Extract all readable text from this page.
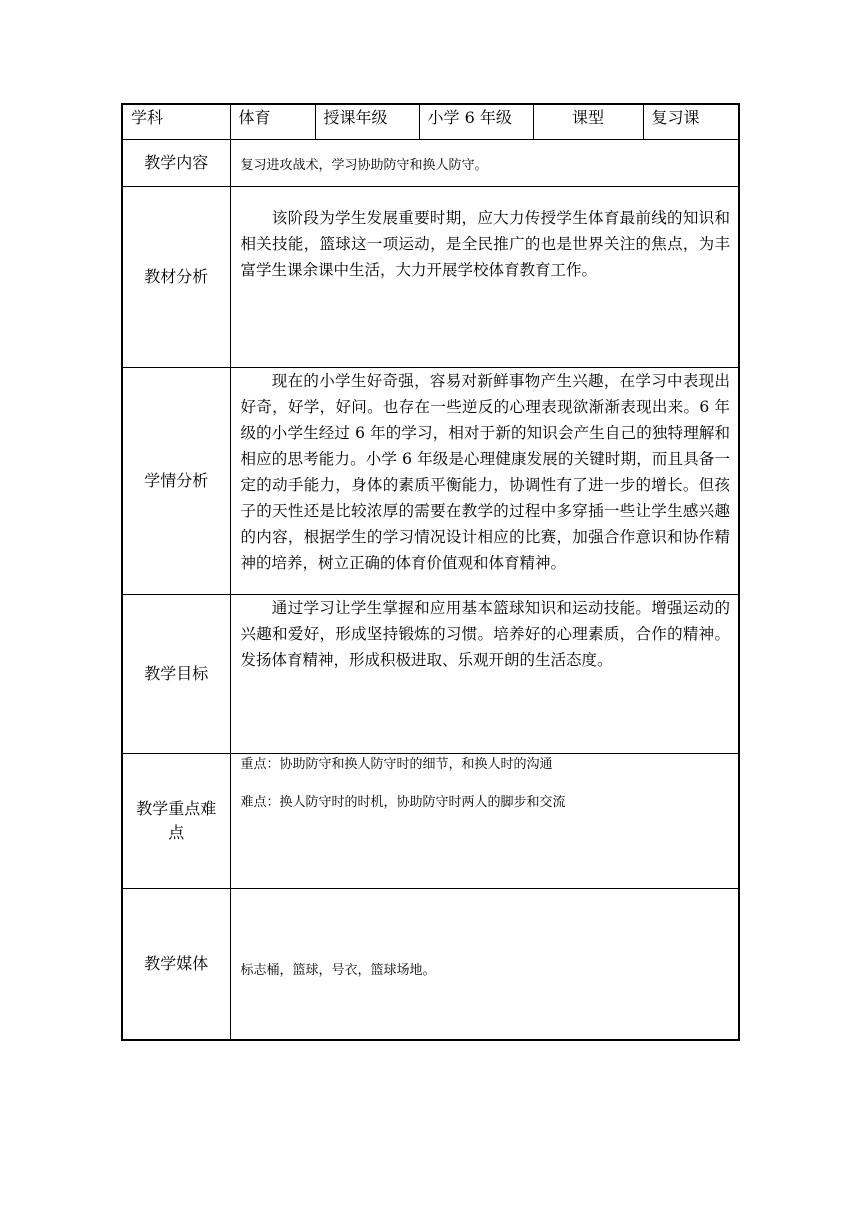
学科	体育	授课年级	小学 6 年级	课型	复习课
教学内容	复习进攻战术，学习协助防守和换人防守。				
教材分析	该阶段为学生发展重要时期，应大力传授学生体育最前线的知识和相关技能，篮球这一项运动，是全民推广的也是世界关注的焦点，为丰富学生课余课中生活，大力开展学校体育教育工作。				
学情分析	现在的小学生好奇强，容易对新鲜事物产生兴趣，在学习中表现出好奇，好学，好问。也存在一些逆反的心理表现欲渐渐表现出来。6 年级的小学生经过 6 年的学习，相对于新的知识会产生自己的独特理解和相应的思考能力。小学 6 年级是心理健康发展的关键时期，而且具备一定的动手能力，身体的素质平衡能力，协调性有了进一步的增长。但孩子的天性还是比较浓厚的需要在教学的过程中多穿插一些让学生感兴趣的内容，根据学生的学习情况设计相应的比赛，加强合作意识和协作精神的培养，树立正确的体育价值观和体育精神。				
教学目标	通过学习让学生掌握和应用基本篮球知识和运动技能。增强运动的兴趣和爱好，形成坚持锻炼的习惯。培养好的心理素质，合作的精神。发扬体育精神，形成积极进取、乐观开朗的生活态度。				
教学重点难点	重点：协助防守和换人防守时的细节，和换人时的沟通
难点：换人防守时的时机，协助防守时两人的脚步和交流				

教学媒体	标志桶，篮球，号衣，篮球场地。				
